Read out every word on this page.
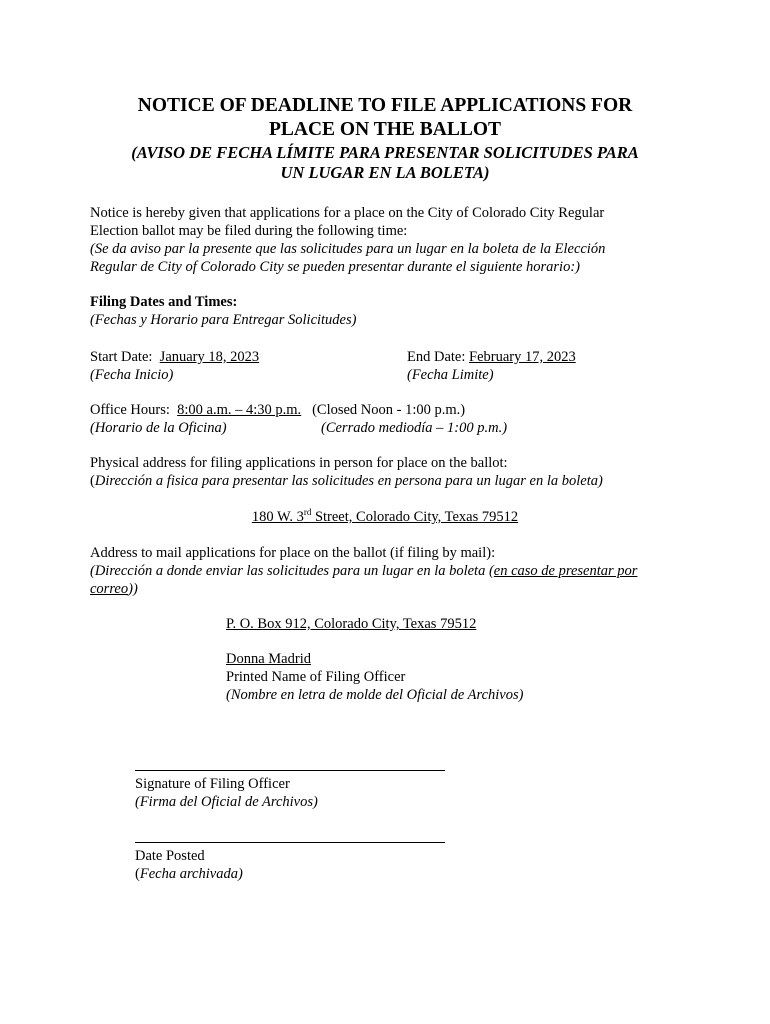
NOTICE OF DEADLINE TO FILE APPLICATIONS FOR
PLACE ON THE BALLOT
(AVISO DE FECHA LÍMITE PARA PRESENTAR SOLICITUDES PARA
UN LUGAR EN LA BOLETA)
Notice is hereby given that applications for a place on the City of Colorado City Regular
Election ballot may be filed during the following time:
(Se da aviso par la presente que las solicitudes para un lugar en la boleta de la Elección
Regular de City of Colorado City se pueden presentar durante el siguiente horario:)
Filing Dates and Times:
(Fechas y Horario para Entregar Solicitudes)
Start Date: January 18, 2023
(Fecha Inicio)
End Date: February 17, 2023
(Fecha Limite)
Office Hours: 8:00 a.m. – 4:30 p.m. (Closed Noon - 1:00 p.m.)
(Horario de la Oficina)	(Cerrado mediodía – 1:00 p.m.)
Physical address for filing applications in person for place on the ballot:
(Dirección a fisica para presentar las solicitudes en persona para un lugar en la boleta)
180 W. 3rd Street, Colorado City, Texas 79512
Address to mail applications for place on the ballot (if filing by mail):
(Dirección a donde enviar las solicitudes para un lugar en la boleta (en caso de presentar por
correo))
P. O. Box 912, Colorado City, Texas 79512
Donna Madrid
Printed Name of Filing Officer
(Nombre en letra de molde del Oficial de Archivos)
Signature of Filing Officer
(Firma del Oficial de Archivos)
Date Posted
(Fecha archivada)
